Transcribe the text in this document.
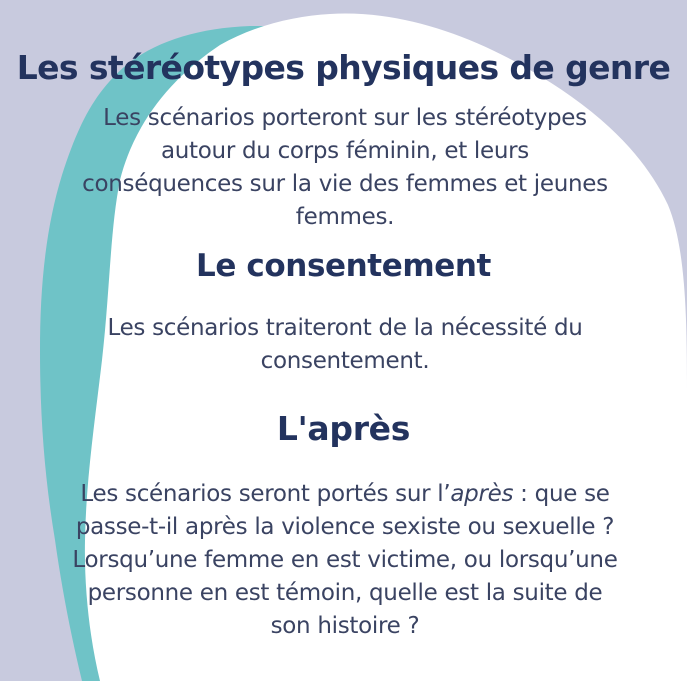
Les stéréotypes physiques de genre

Les scénarios porteront sur les stéréotypes autour du corps féminin, et leurs conséquences sur la vie des femmes et jeunes femmes.

Le consentement

Les scénarios traiteront de la nécessité du consentement.

L'après

Les scénarios seront portés sur l’après : que se passe-t-il après la violence sexiste ou sexuelle ? Lorsqu’une femme en est victime, ou lorsqu’une personne en est témoin, quelle est la suite de son histoire ?
